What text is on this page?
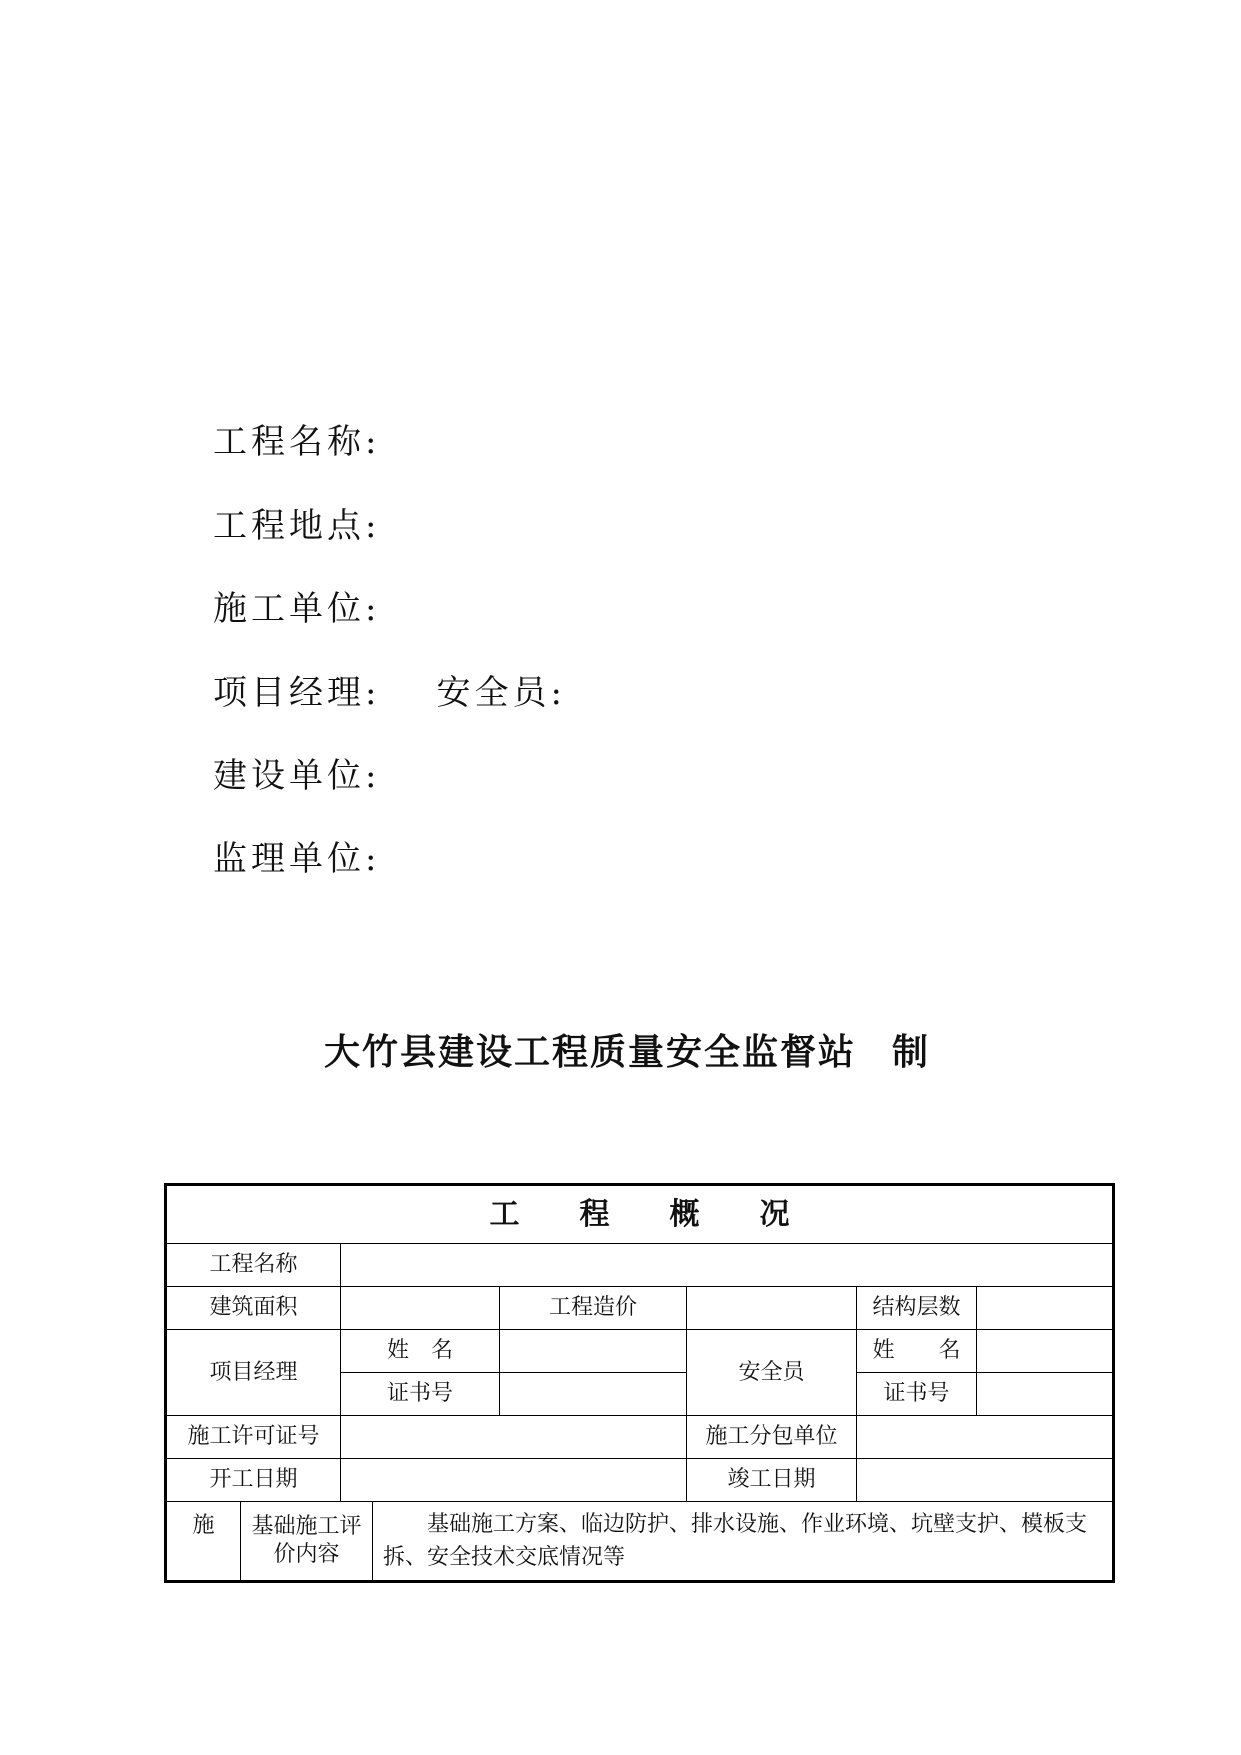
工程名称:
工程地点:
施工单位:
项目经理: 安全员:
建设单位:
监理单位:
大竹县建设工程质量安全监督站 制
工　　程　　概　　况							
工程名称							
建筑面积				工程造价		结构层数	
项目经理		姓　名			安全员	姓　　名	
		证书号				证书号	
施工许可证号					施工分包单位		
开工日期					竣工日期		
施	基础施工评价内容		　　基础施工方案、临边防护、排水设施、作业环境、坑壁支护、模板支拆、安全技术交底情况等				
